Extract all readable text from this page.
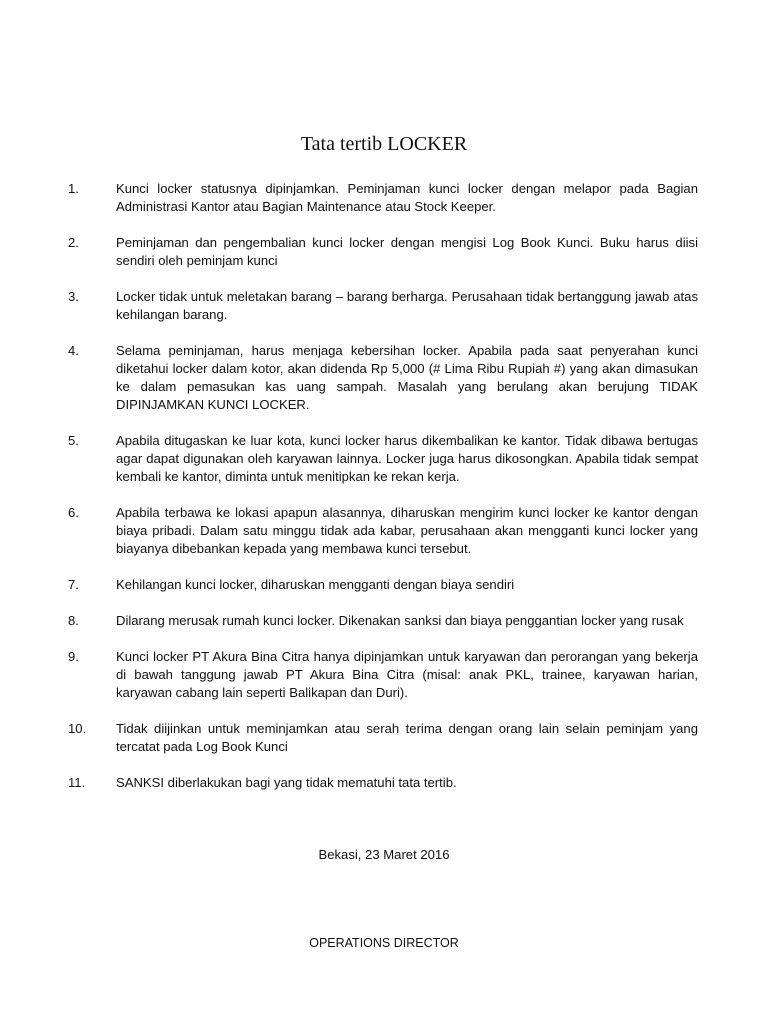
Tata tertib LOCKER
1.	Kunci locker statusnya dipinjamkan. Peminjaman kunci locker dengan melapor pada Bagian Administrasi Kantor atau Bagian Maintenance atau Stock Keeper.
2.	Peminjaman dan pengembalian kunci locker dengan mengisi Log Book Kunci. Buku harus diisi sendiri oleh peminjam kunci
3.	Locker tidak untuk meletakan barang – barang berharga. Perusahaan tidak bertanggung jawab atas kehilangan barang.
4.	Selama peminjaman, harus menjaga kebersihan locker. Apabila pada saat penyerahan kunci diketahui locker dalam kotor, akan didenda Rp 5,000 (# Lima Ribu Rupiah #) yang akan dimasukan ke dalam pemasukan kas uang sampah. Masalah yang berulang akan berujung TIDAK DIPINJAMKAN KUNCI LOCKER.
5.	Apabila ditugaskan ke luar kota, kunci locker harus dikembalikan ke kantor. Tidak dibawa bertugas agar dapat digunakan oleh karyawan lainnya. Locker juga harus dikosongkan. Apabila tidak sempat kembali ke kantor, diminta untuk menitipkan ke rekan kerja.
6.	Apabila terbawa ke lokasi apapun alasannya, diharuskan mengirim kunci locker ke kantor dengan biaya pribadi. Dalam satu minggu tidak ada kabar, perusahaan akan mengganti kunci locker yang biayanya dibebankan kepada yang membawa kunci tersebut.
7.	Kehilangan kunci locker, diharuskan mengganti dengan biaya sendiri
8.	Dilarang merusak rumah kunci locker. Dikenakan sanksi dan biaya penggantian locker yang rusak
9.	Kunci locker PT Akura Bina Citra hanya dipinjamkan untuk karyawan dan perorangan yang bekerja di bawah tanggung jawab PT Akura Bina Citra (misal: anak PKL, trainee, karyawan harian, karyawan cabang lain seperti Balikapan dan Duri).
10.	Tidak diijinkan untuk meminjamkan atau serah terima dengan orang lain selain peminjam yang tercatat pada Log Book Kunci
11.	SANKSI diberlakukan bagi yang tidak mematuhi tata tertib.
Bekasi, 23 Maret 2016
OPERATIONS DIRECTOR
